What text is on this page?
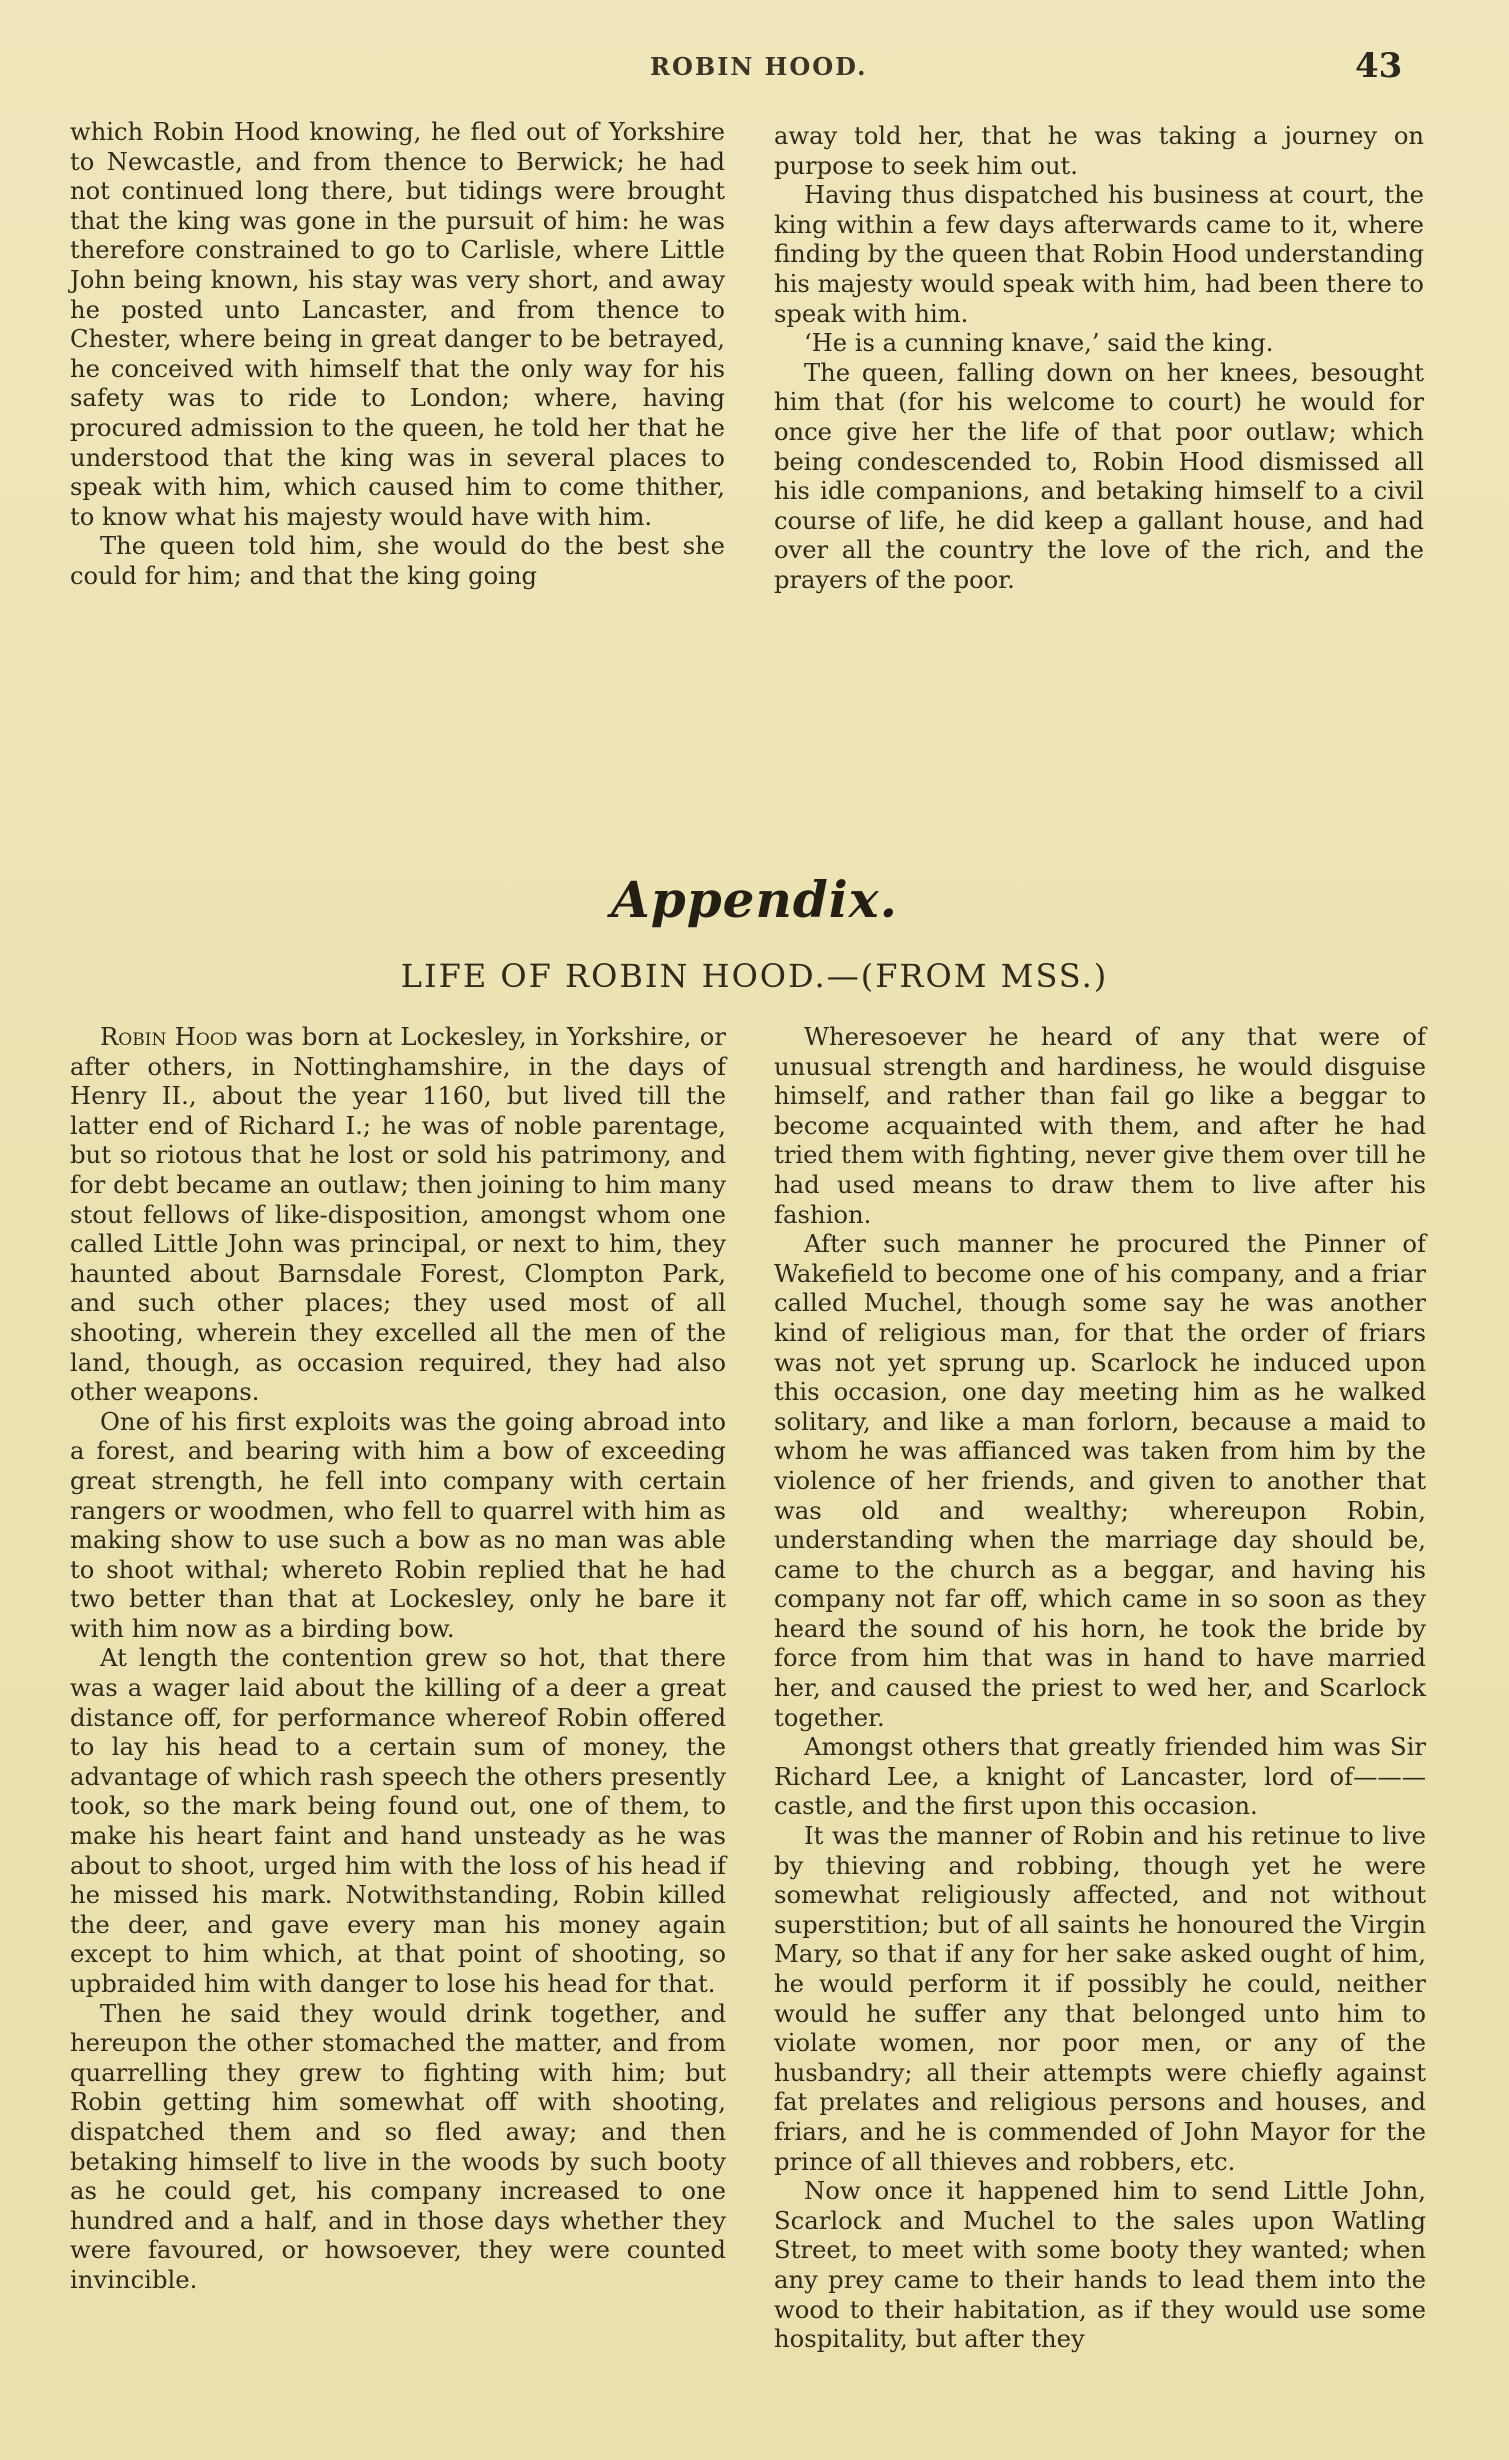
ROBIN HOOD.	43

which Robin Hood knowing, he fled out of Yorkshire to Newcastle, and from thence to Berwick; he had not continued long there, but tidings were brought that the king was gone in the pursuit of him: he was therefore constrained to go to Carlisle, where Little John being known, his stay was very short, and away he posted unto Lancaster, and from thence to Chester, where being in great danger to be betrayed, he conceived with himself that the only way for his safety was to ride to London; where, having procured admission to the queen, he told her that he understood that the king was in several places to speak with him, which caused him to come thither, to know what his majesty would have with him.

The queen told him, she would do the best she could for him; and that the king going

away told her, that he was taking a journey on purpose to seek him out.

Having thus dispatched his business at court, the king within a few days afterwards came to it, where finding by the queen that Robin Hood understanding his majesty would speak with him, had been there to speak with him.

‘He is a cunning knave,’ said the king.

The queen, falling down on her knees, besought him that (for his welcome to court) he would for once give her the life of that poor outlaw; which being condescended to, Robin Hood dismissed all his idle companions, and betaking himself to a civil course of life, he did keep a gallant house, and had over all the country the love of the rich, and the prayers of the poor.

Appendix.
LIFE OF ROBIN HOOD.—(FROM MSS.)

Robin Hood was born at Lockesley, in Yorkshire, or after others, in Nottinghamshire, in the days of Henry II., about the year 1160, but lived till the latter end of Richard I.; he was of noble parentage, but so riotous that he lost or sold his patrimony, and for debt became an outlaw; then joining to him many stout fellows of like-disposition, amongst whom one called Little John was principal, or next to him, they haunted about Barnsdale Forest, Clompton Park, and such other places; they used most of all shooting, wherein they excelled all the men of the land, though, as occasion required, they had also other weapons.

One of his first exploits was the going abroad into a forest, and bearing with him a bow of exceeding great strength, he fell into company with certain rangers or woodmen, who fell to quarrel with him as making show to use such a bow as no man was able to shoot withal; whereto Robin replied that he had two better than that at Lockesley, only he bare it with him now as a birding bow.

At length the contention grew so hot, that there was a wager laid about the killing of a deer a great distance off, for performance whereof Robin offered to lay his head to a certain sum of money, the advantage of which rash speech the others presently took, so the mark being found out, one of them, to make his heart faint and hand unsteady as he was about to shoot, urged him with the loss of his head if he missed his mark. Notwithstanding, Robin killed the deer, and gave every man his money again except to him which, at that point of shooting, so upbraided him with danger to lose his head for that.

Then he said they would drink together, and hereupon the other stomached the matter, and from quarrelling they grew to fighting with him; but Robin getting him somewhat off with shooting, dispatched them and so fled away; and then betaking himself to live in the woods by such booty as he could get, his company increased to one hundred and a half, and in those days whether they were favoured, or howsoever, they were counted invincible.

Wheresoever he heard of any that were of unusual strength and hardiness, he would disguise himself, and rather than fail go like a beggar to become acquainted with them, and after he had tried them with fighting, never give them over till he had used means to draw them to live after his fashion.

After such manner he procured the Pinner of Wakefield to become one of his company, and a friar called Muchel, though some say he was another kind of religious man, for that the order of friars was not yet sprung up. Scarlock he induced upon this occasion, one day meeting him as he walked solitary, and like a man forlorn, because a maid to whom he was affianced was taken from him by the violence of her friends, and given to another that was old and wealthy; whereupon Robin, understanding when the marriage day should be, came to the church as a beggar, and having his company not far off, which came in so soon as they heard the sound of his horn, he took the bride by force from him that was in hand to have married her, and caused the priest to wed her, and Scarlock together.

Amongst others that greatly friended him was Sir Richard Lee, a knight of Lancaster, lord of——— castle, and the first upon this occasion.

It was the manner of Robin and his retinue to live by thieving and robbing, though yet he were somewhat religiously affected, and not without superstition; but of all saints he honoured the Virgin Mary, so that if any for her sake asked ought of him, he would perform it if possibly he could, neither would he suffer any that belonged unto him to violate women, nor poor men, or any of the husbandry; all their attempts were chiefly against fat prelates and religious persons and houses, and friars, and he is commended of John Mayor for the prince of all thieves and robbers, etc.

Now once it happened him to send Little John, Scarlock and Muchel to the sales upon Watling Street, to meet with some booty they wanted; when any prey came to their hands to lead them into the wood to their habitation, as if they would use some hospitality, but after they
